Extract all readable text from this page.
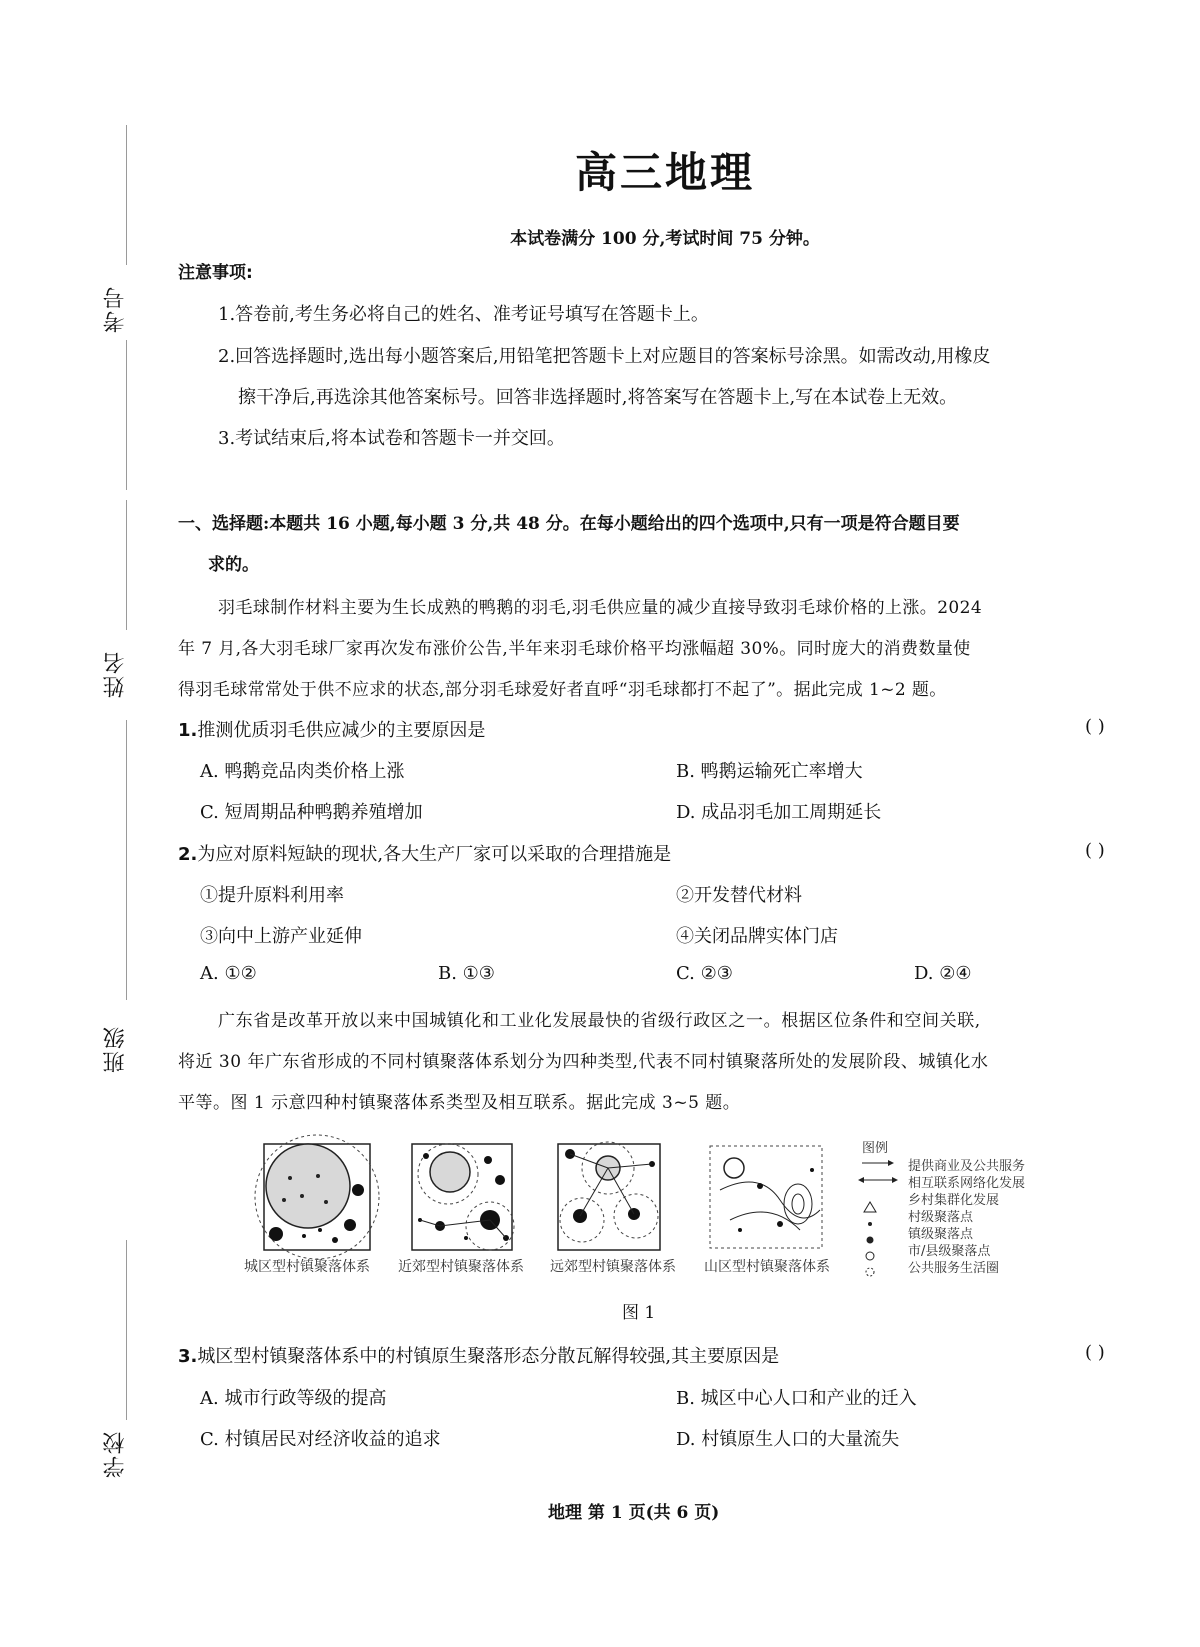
考号
姓名
班级
学校
高三地理
本试卷满分 100 分,考试时间 75 分钟。
注意事项:
1.答卷前,考生务必将自己的姓名、准考证号填写在答题卡上。
2.回答选择题时,选出每小题答案后,用铅笔把答题卡上对应题目的答案标号涂黑。如需改动,用橡皮
擦干净后,再选涂其他答案标号。回答非选择题时,将答案写在答题卡上,写在本试卷上无效。
3.考试结束后,将本试卷和答题卡一并交回。
一、选择题:本题共 16 小题,每小题 3 分,共 48 分。在每小题给出的四个选项中,只有一项是符合题目要
求的。
羽毛球制作材料主要为生长成熟的鸭鹅的羽毛,羽毛供应量的减少直接导致羽毛球价格的上涨。2024
年 7 月,各大羽毛球厂家再次发布涨价公告,半年来羽毛球价格平均涨幅超 30%。同时庞大的消费数量使
得羽毛球常常处于供不应求的状态,部分羽毛球爱好者直呼“羽毛球都打不起了”。据此完成 1~2 题。
1.推测优质羽毛供应减少的主要原因是	( )
A. 鸭鹅竞品肉类价格上涨	B. 鸭鹅运输死亡率增大
C. 短周期品种鸭鹅养殖增加	D. 成品羽毛加工周期延长
2.为应对原料短缺的现状,各大生产厂家可以采取的合理措施是	( )
①提升原料利用率	②开发替代材料
③向中上游产业延伸	④关闭品牌实体门店
A. ①②	B. ①③	C. ②③	D. ②④
广东省是改革开放以来中国城镇化和工业化发展最快的省级行政区之一。根据区位条件和空间关联,
将近 30 年广东省形成的不同村镇聚落体系划分为四种类型,代表不同村镇聚落所处的发展阶段、城镇化水
平等。图 1 示意四种村镇聚落体系类型及相互联系。据此完成 3~5 题。
城区型村镇聚落体系 近郊型村镇聚落体系 远郊型村镇聚落体系 山区型村镇聚落体系
图例
提供商业及公共服务
相互联系网络化发展
乡村集群化发展
村级聚落点
镇级聚落点
市/县级聚落点
公共服务生活圈
图 1
3.城区型村镇聚落体系中的村镇原生聚落形态分散瓦解得较强,其主要原因是	( )
A. 城市行政等级的提高	B. 城区中心人口和产业的迁入
C. 村镇居民对经济收益的追求	D. 村镇原生人口的大量流失
地理 第 1 页(共 6 页)
